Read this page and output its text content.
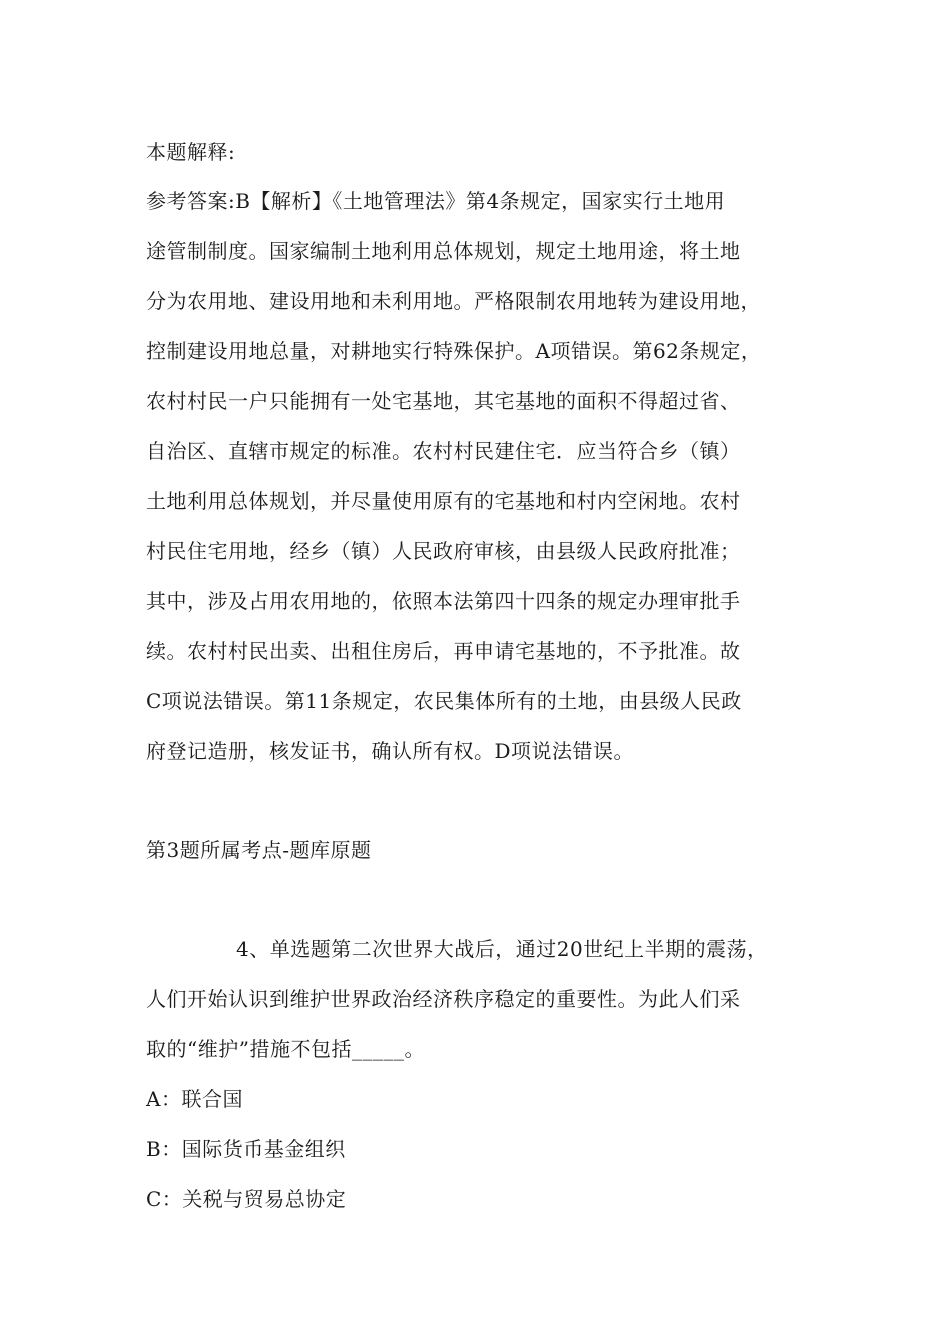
本题解释:
参考答案:B【解析】《土地管理法》第4条规定，国家实行土地用
途管制制度。国家编制土地利用总体规划，规定土地用途，将土地
分为农用地、建设用地和未利用地。严格限制农用地转为建设用地，
控制建设用地总量，对耕地实行特殊保护。A项错误。第62条规定，
农村村民一户只能拥有一处宅基地，其宅基地的面积不得超过省、
自治区、直辖市规定的标准。农村村民建住宅．应当符合乡（镇）
土地利用总体规划，并尽量使用原有的宅基地和村内空闲地。农村
村民住宅用地，经乡（镇）人民政府审核，由县级人民政府批准；
其中，涉及占用农用地的，依照本法第四十四条的规定办理审批手
续。农村村民出卖、出租住房后，再申请宅基地的，不予批准。故
C项说法错误。第11条规定，农民集体所有的土地，由县级人民政
府登记造册，核发证书，确认所有权。D项说法错误。
第3题所属考点-题库原题
4、单选题第二次世界大战后，通过20世纪上半期的震荡，
人们开始认识到维护世界政治经济秩序稳定的重要性。为此人们采
取的“维护”措施不包括_____。
A：联合国
B：国际货币基金组织
C：关税与贸易总协定
